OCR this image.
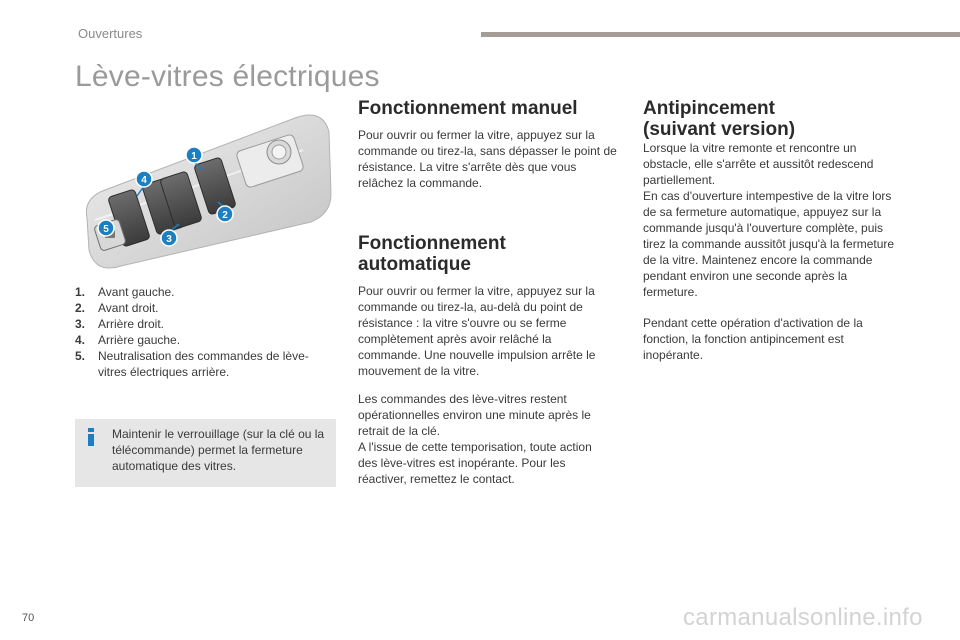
Ouvertures
Lève-vitres électriques
1
2
3
4
5
1.	Avant gauche.
2.	Avant droit.
3.	Arrière droit.
4.	Arrière gauche.
5.	Neutralisation des commandes de lève-vitres électriques arrière.
Maintenir le verrouillage (sur la clé ou la télécommande) permet la fermeture automatique des vitres.
Fonctionnement manuel
Pour ouvrir ou fermer la vitre, appuyez sur la commande ou tirez-la, sans dépasser le point de résistance. La vitre s'arrête dès que vous relâchez la commande.
Fonctionnement automatique
Pour ouvrir ou fermer la vitre, appuyez sur la commande ou tirez-la, au-delà du point de résistance : la vitre s'ouvre ou se ferme complètement après avoir relâché la commande. Une nouvelle impulsion arrête le mouvement de la vitre.
Les commandes des lève-vitres restent opérationnelles environ une minute après le retrait de la clé.
A l'issue de cette temporisation, toute action des lève-vitres est inopérante. Pour les réactiver, remettez le contact.
Antipincement (suivant version)
Lorsque la vitre remonte et rencontre un obstacle, elle s'arrête et aussitôt redescend partiellement.
En cas d'ouverture intempestive de la vitre lors de sa fermeture automatique, appuyez sur la commande jusqu'à l'ouverture complète, puis tirez la commande aussitôt jusqu'à la fermeture de la vitre. Maintenez encore la commande pendant environ une seconde après la fermeture.
Pendant cette opération d'activation de la fonction, la fonction antipincement est inopérante.
70	carmanualsonline.info
